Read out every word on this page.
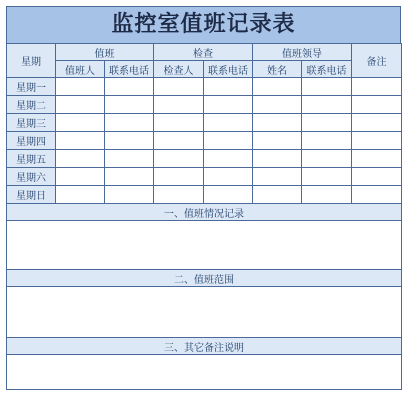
监控室值班记录表
星期	值班		检查		值班领导		备注
	值班人	联系电话	检查人	联系电话	姓名	联系电话	
星期一							
星期二							
星期三							
星期四							
星期五							
星期六							
星期日							
一、值班情况记录							

二、值班范围							

三、其它备注说明							
